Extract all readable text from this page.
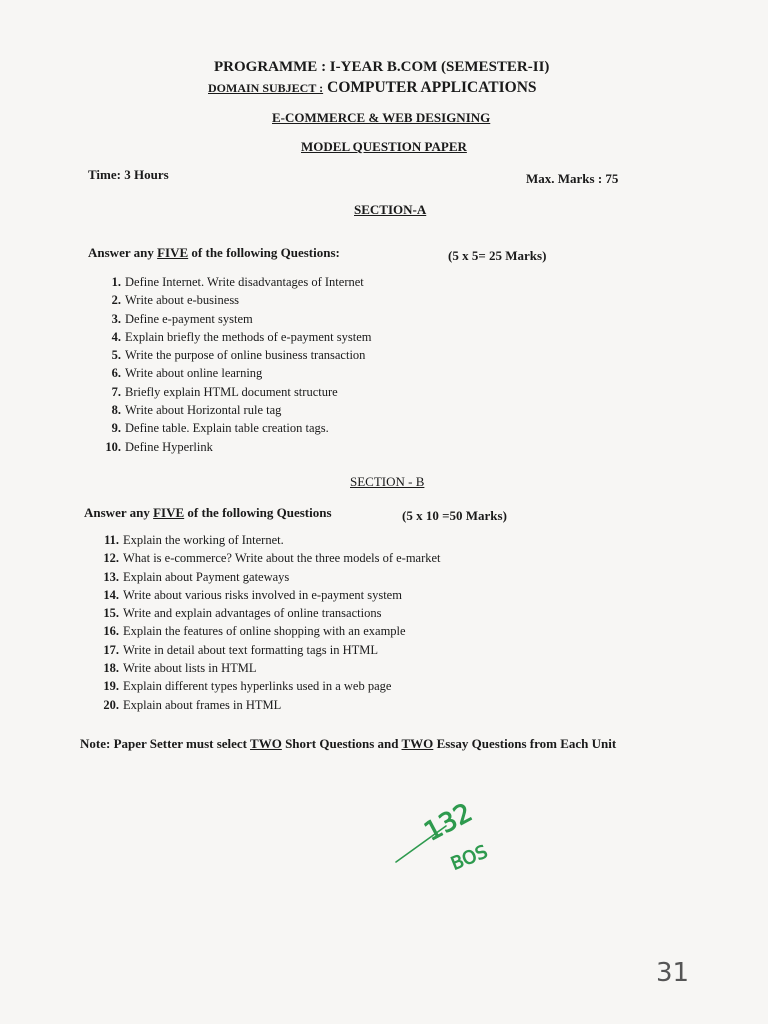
PROGRAMME : I-YEAR B.COM (SEMESTER-II)
DOMAIN SUBJECT : COMPUTER APPLICATIONS
E-COMMERCE & WEB DESIGNING
MODEL QUESTION PAPER
Time: 3 Hours	Max. Marks : 75
SECTION-A
Answer any FIVE of the following Questions:	(5 x 5= 25 Marks)
1. Define Internet. Write disadvantages of Internet
2. Write about e-business
3. Define e-payment system
4. Explain briefly the methods of e-payment system
5. Write the purpose of online business transaction
6. Write about online learning
7. Briefly explain HTML document structure
8. Write about Horizontal rule tag
9. Define table. Explain table creation tags.
10. Define Hyperlink
SECTION - B
Answer any FIVE of the following Questions	(5 x 10 =50 Marks)
11. Explain the working of Internet.
12. What is e-commerce? Write about the three models of e-market
13. Explain about Payment gateways
14. Write about various risks involved in e-payment system
15. Write and explain advantages of online transactions
16. Explain the features of online shopping with an example
17. Write in detail about text formatting tags in HTML
18. Write about lists in HTML
19. Explain different types hyperlinks used in a web page
20. Explain about frames in HTML
Note: Paper Setter must select TWO Short Questions and TWO Essay Questions from Each Unit
132
BOS
31
